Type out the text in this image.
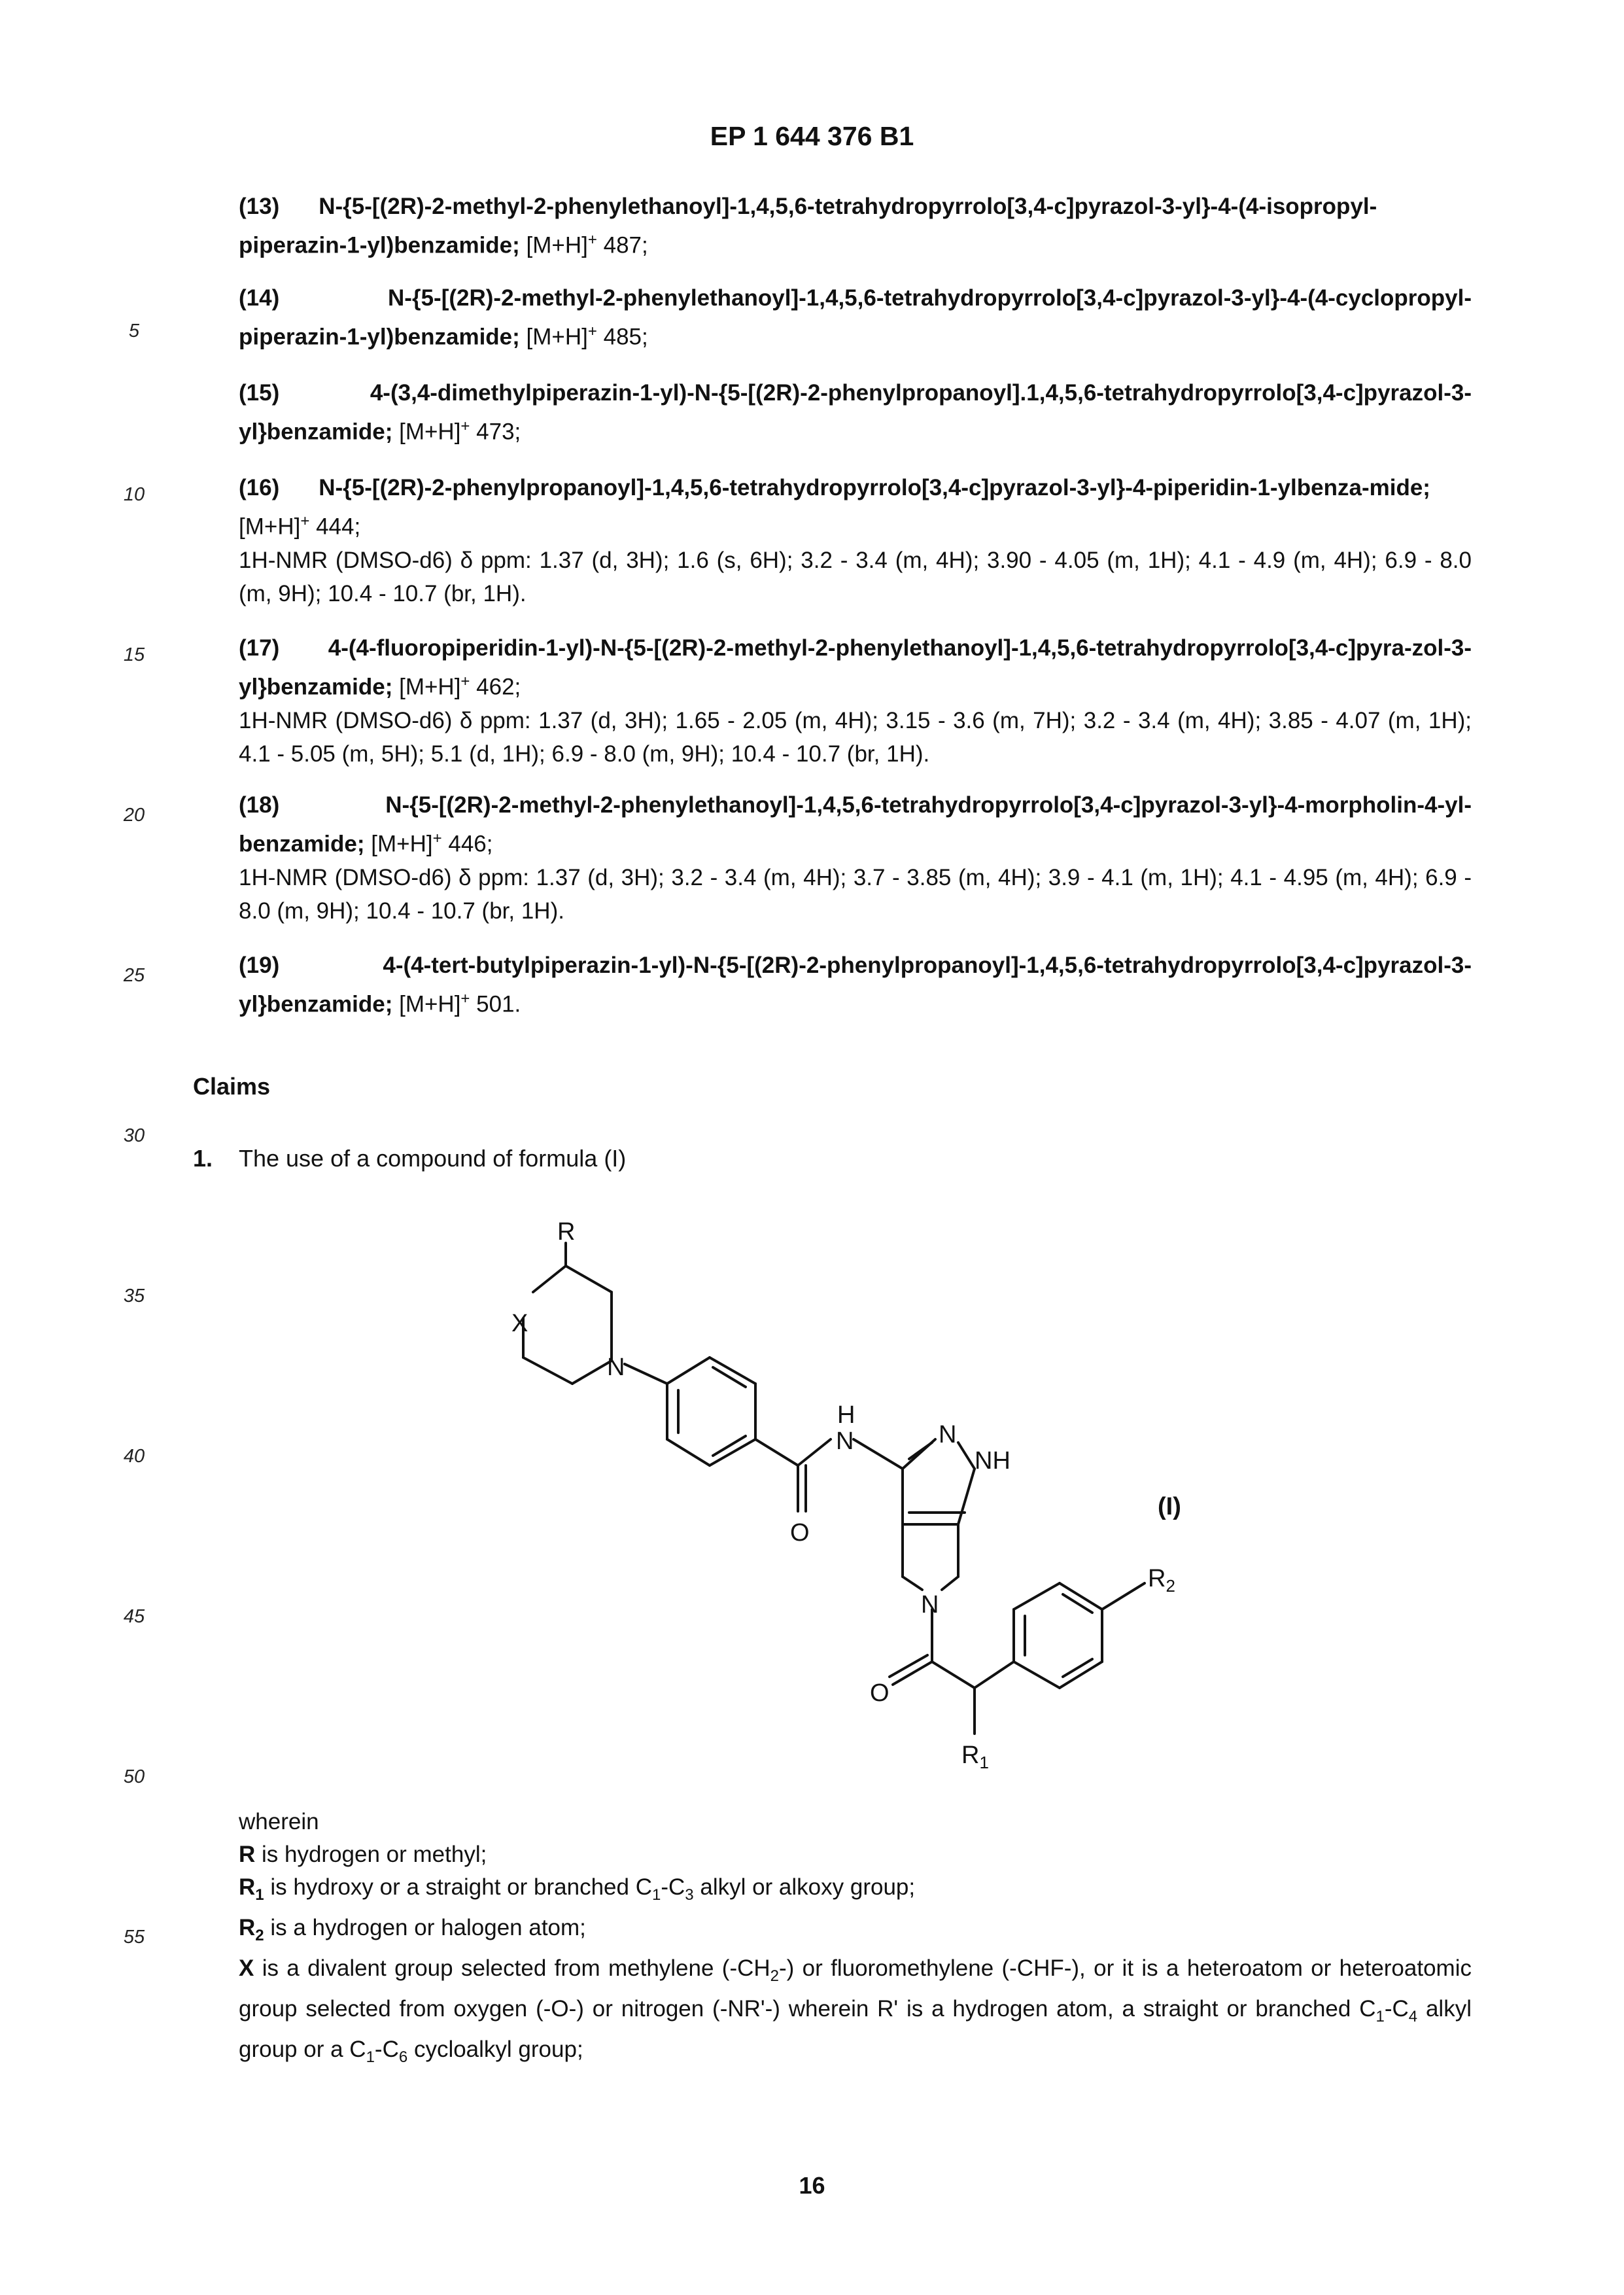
EP 1 644 376 B1
5
10
15
20
25
30
35
40
45
50
55
(13) N-{5-[(2R)-2-methyl-2-phenylethanoyl]-1,4,5,6-tetrahydropyrrolo[3,4-c]pyrazol-3-yl}-4-(4-isopropyl-piperazin-1-yl)benzamide; [M+H]+ 487;
(14)	N-{5-[(2R)-2-methyl-2-phenylethanoyl]-1,4,5,6-tetrahydropyrrolo[3,4-c]pyrazol-3-yl}-4-(4-cyclopropyl-piperazin-1-yl)benzamide; [M+H]+ 485;
(15)	4-(3,4-dimethylpiperazin-1-yl)-N-{5-[(2R)-2-phenylpropanoyl].1,4,5,6-tetrahydropyrrolo[3,4-c]pyrazol-3-yl}benzamide; [M+H]+ 473;
(16) N-{5-[(2R)-2-phenylpropanoyl]-1,4,5,6-tetrahydropyrrolo[3,4-c]pyrazol-3-yl}-4-piperidin-1-ylbenza-mide; [M+H]+ 444;
1H-NMR (DMSO-d6) δ ppm: 1.37 (d, 3H); 1.6 (s, 6H); 3.2 - 3.4 (m, 4H); 3.90 - 4.05 (m, 1H); 4.1 - 4.9 (m, 4H); 6.9 - 8.0 (m, 9H); 10.4 - 10.7 (br, 1H).
(17) 4-(4-fluoropiperidin-1-yl)-N-{5-[(2R)-2-methyl-2-phenylethanoyl]-1,4,5,6-tetrahydropyrrolo[3,4-c]pyra-zol-3-yl}benzamide; [M+H]+ 462;
1H-NMR (DMSO-d6) δ ppm: 1.37 (d, 3H); 1.65 - 2.05 (m, 4H); 3.15 - 3.6 (m, 7H); 3.2 - 3.4 (m, 4H); 3.85 - 4.07 (m, 1H); 4.1 - 5.05 (m, 5H); 5.1 (d, 1H); 6.9 - 8.0 (m, 9H); 10.4 - 10.7 (br, 1H).
(18)	N-{5-[(2R)-2-methyl-2-phenylethanoyl]-1,4,5,6-tetrahydropyrrolo[3,4-c]pyrazol-3-yl}-4-morpholin-4-yl-benzamide; [M+H]+ 446;
1H-NMR (DMSO-d6) δ ppm: 1.37 (d, 3H); 3.2 - 3.4 (m, 4H); 3.7 - 3.85 (m, 4H); 3.9 - 4.1 (m, 1H); 4.1 - 4.95 (m, 4H); 6.9 - 8.0 (m, 9H); 10.4 - 10.7 (br, 1H).
(19)	4-(4-tert-butylpiperazin-1-yl)-N-{5-[(2R)-2-phenylpropanoyl]-1,4,5,6-tetrahydropyrrolo[3,4-c]pyrazol-3-yl}benzamide; [M+H]+ 501.
Claims
1. The use of a compound of formula (I)
R
X
N
H
N	N
NH
O
N
O
$R_1$
$R_2$
(I)
wherein
R is hydrogen or methyl;
$R_1$ is hydroxy or a straight or branched $C_1-C_3$ alkyl or alkoxy group;
$R_2$ is a hydrogen or halogen atom;
X is a divalent group selected from methylene $(-CH_2-)$ or fluoromethylene (-CHF-), or it is a heteroatom or heteroatomic group selected from oxygen (-O-) or nitrogen (-NR'-) wherein R' is a hydrogen atom, a straight or branched $C_1-C_4$ alkyl group or a $C_1-C_6$ cycloalkyl group;
16
